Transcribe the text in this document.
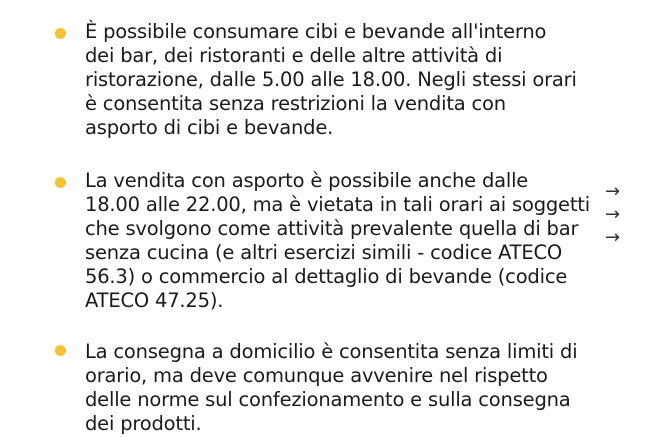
È possibile consumare cibi e bevande all'interno
dei bar, dei ristoranti e delle altre attività di
ristorazione, dalle 5.00 alle 18.00. Negli stessi orari
è consentita senza restrizioni la vendita con
asporto di cibi e bevande.

La vendita con asporto è possibile anche dalle
18.00 alle 22.00, ma è vietata in tali orari ai soggetti
che svolgono come attività prevalente quella di bar
senza cucina (e altri esercizi simili - codice ATECO
56.3) o commercio al dettaglio di bevande (codice
ATECO 47.25).

La consegna a domicilio è consentita senza limiti di
orario, ma deve comunque avvenire nel rispetto
delle norme sul confezionamento e sulla consegna
dei prodotti.

→
→
→
